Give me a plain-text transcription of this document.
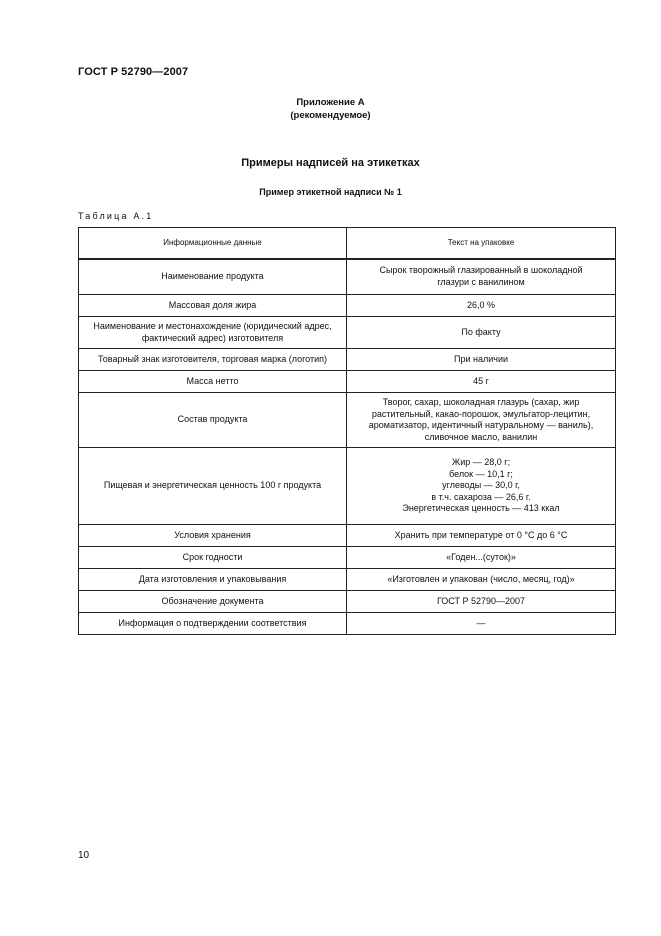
ГОСТ Р 52790—2007
Приложение А
(рекомендуемое)
Примеры надписей на этикетках
Пример этикетной надписи № 1
Таблица А.1
Информационные данные	Текст на упаковке
Наименование продукта	Сырок творожный глазированный в шоколадной
глазури с ванилином

Массовая доля жира	26,0 %

Наименование и местонахождение (юридический адрес, фактический адрес) изготовителя	По факту

Товарный знак изготовителя, торговая марка (логотип)	При наличии

Масса нетто	45 г

Состав продукта	Творог, сахар, шоколадная глазурь (сахар, жир
растительный, какао-порошок, эмульгатор-лецитин,
ароматизатор, идентичный натуральному — ваниль),
сливочное масло, ванилин

Пищевая и энергетическая ценность 100 г продукта	Жир — 28,0 г;
белок — 10,1 г;
углеводы — 30,0 г,
в т.ч. сахароза — 26,6 г.
Энергетическая ценность — 413 ккал

Условия хранения	Хранить при температуре от 0 °С до 6 °С

Срок годности	«Годен...(суток)»

Дата изготовления и упаковывания	«Изготовлен и упакован (число, месяц, год)»

Обозначение документа	ГОСТ Р 52790—2007

Информация о подтверждении соответствия	—
10
